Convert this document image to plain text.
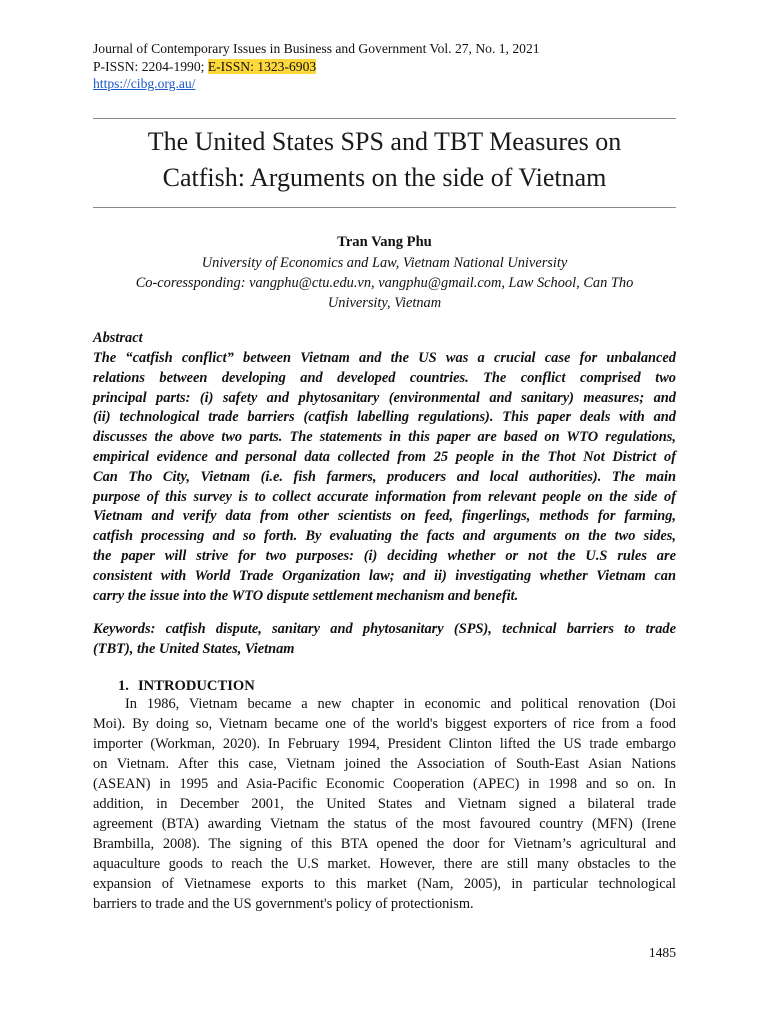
Journal of Contemporary Issues in Business and Government Vol. 27, No. 1, 2021
P-ISSN: 2204-1990; E-ISSN: 1323-6903
https://cibg.org.au/
The United States SPS and TBT Measures on
Catfish: Arguments on the side of Vietnam
Tran Vang Phu
University of Economics and Law, Vietnam National University
Co-coressponding: vangphu@ctu.edu.vn, vangphu@gmail.com, Law School, Can Tho
University, Vietnam
Abstract
The “catfish conflict” between Vietnam and the US was a crucial case for unbalanced
relations between developing and developed countries. The conflict comprised two
principal parts: (i) safety and phytosanitary (environmental and sanitary) measures; and
(ii) technological trade barriers (catfish labelling regulations). This paper deals with and
discusses the above two parts. The statements in this paper are based on WTO regulations,
empirical evidence and personal data collected from 25 people in the Thot Not District of
Can Tho City, Vietnam (i.e. fish farmers, producers and local authorities). The main
purpose of this survey is to collect accurate information from relevant people on the side of
Vietnam and verify data from other scientists on feed, fingerlings, methods for farming,
catfish processing and so forth. By evaluating the facts and arguments on the two sides,
the paper will strive for two purposes: (i) deciding whether or not the U.S rules are
consistent with World Trade Organization law; and ii) investigating whether Vietnam can
carry the issue into the WTO dispute settlement mechanism and benefit.
Keywords: catfish dispute, sanitary and phytosanitary (SPS), technical barriers to trade
(TBT), the United States, Vietnam
1. INTRODUCTION
In 1986, Vietnam became a new chapter in economic and political renovation (Doi
Moi). By doing so, Vietnam became one of the world's biggest exporters of rice from a food
importer (Workman, 2020). In February 1994, President Clinton lifted the US trade embargo
on Vietnam. After this case, Vietnam joined the Association of South-East Asian Nations
(ASEAN) in 1995 and Asia-Pacific Economic Cooperation (APEC) in 1998 and so on. In
addition, in December 2001, the United States and Vietnam signed a bilateral trade
agreement (BTA) awarding Vietnam the status of the most favoured country (MFN) (Irene
Brambilla, 2008). The signing of this BTA opened the door for Vietnam’s agricultural and
aquaculture goods to reach the U.S market. However, there are still many obstacles to the
expansion of Vietnamese exports to this market (Nam, 2005), in particular technological
barriers to trade and the US government's policy of protectionism.
1485
